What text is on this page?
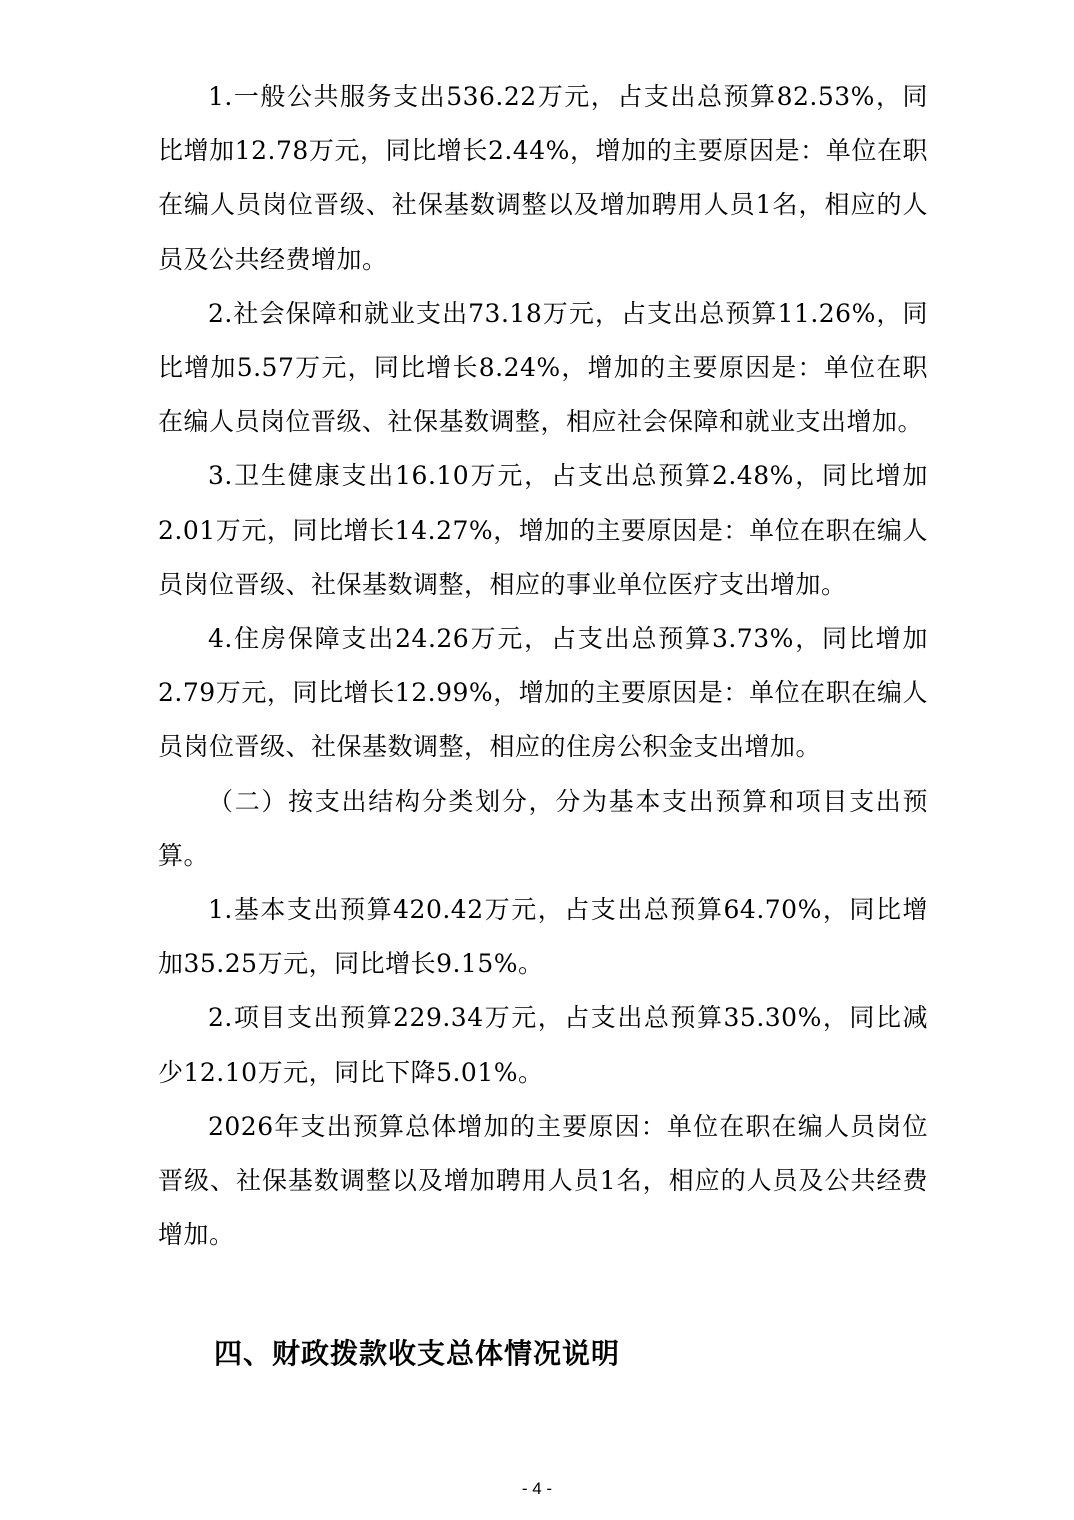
1.一般公共服务支出536.22万元，占支出总预算82.53%，同比增加12.78万元，同比增长2.44%，增加的主要原因是：单位在职在编人员岗位晋级、社保基数调整以及增加聘用人员1名，相应的人员及公共经费增加。

2.社会保障和就业支出73.18万元，占支出总预算11.26%，同比增加5.57万元，同比增长8.24%，增加的主要原因是：单位在职在编人员岗位晋级、社保基数调整，相应社会保障和就业支出增加。

3.卫生健康支出16.10万元，占支出总预算2.48%，同比增加2.01万元，同比增长14.27%，增加的主要原因是：单位在职在编人员岗位晋级、社保基数调整，相应的事业单位医疗支出增加。

4.住房保障支出24.26万元，占支出总预算3.73%，同比增加2.79万元，同比增长12.99%，增加的主要原因是：单位在职在编人员岗位晋级、社保基数调整，相应的住房公积金支出增加。

（二）按支出结构分类划分，分为基本支出预算和项目支出预算。

1.基本支出预算420.42万元，占支出总预算64.70%，同比增加35.25万元，同比增长9.15%。

2.项目支出预算229.34万元，占支出总预算35.30%，同比减少12.10万元，同比下降5.01%。

2026年支出预算总体增加的主要原因：单位在职在编人员岗位晋级、社保基数调整以及增加聘用人员1名，相应的人员及公共经费增加。

四、财政拨款收支总体情况说明
- 4 -
